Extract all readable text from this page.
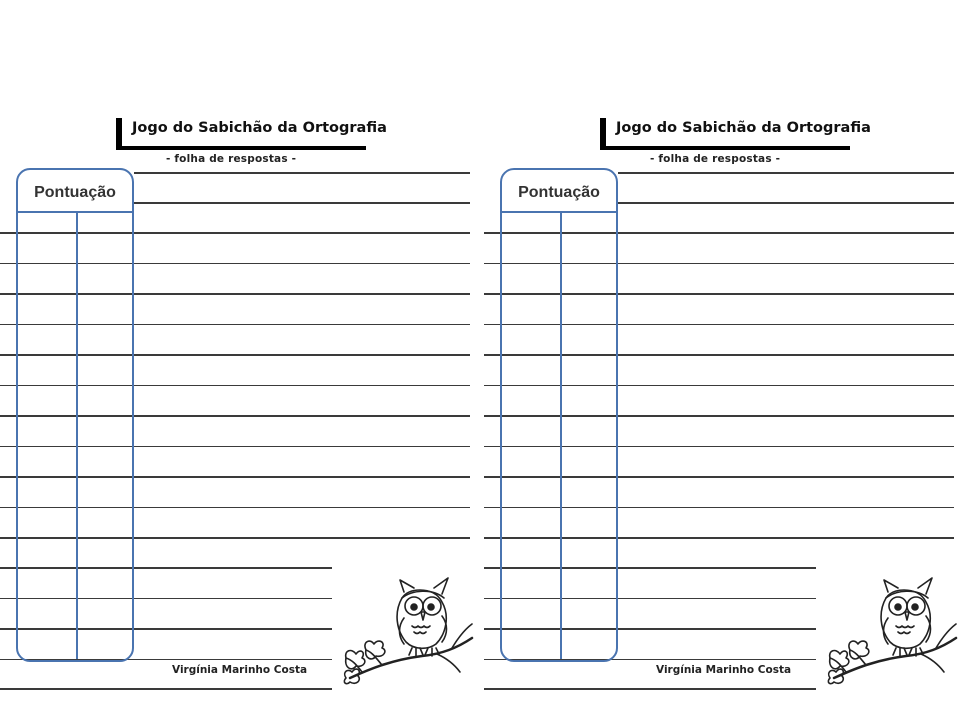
Jogo do Sabichão da Ortografia
- folha de respostas -
Pontuação
Virgínia Marinho Costa
Jogo do Sabichão da Ortografia
- folha de respostas -
Pontuação
Virgínia Marinho Costa
